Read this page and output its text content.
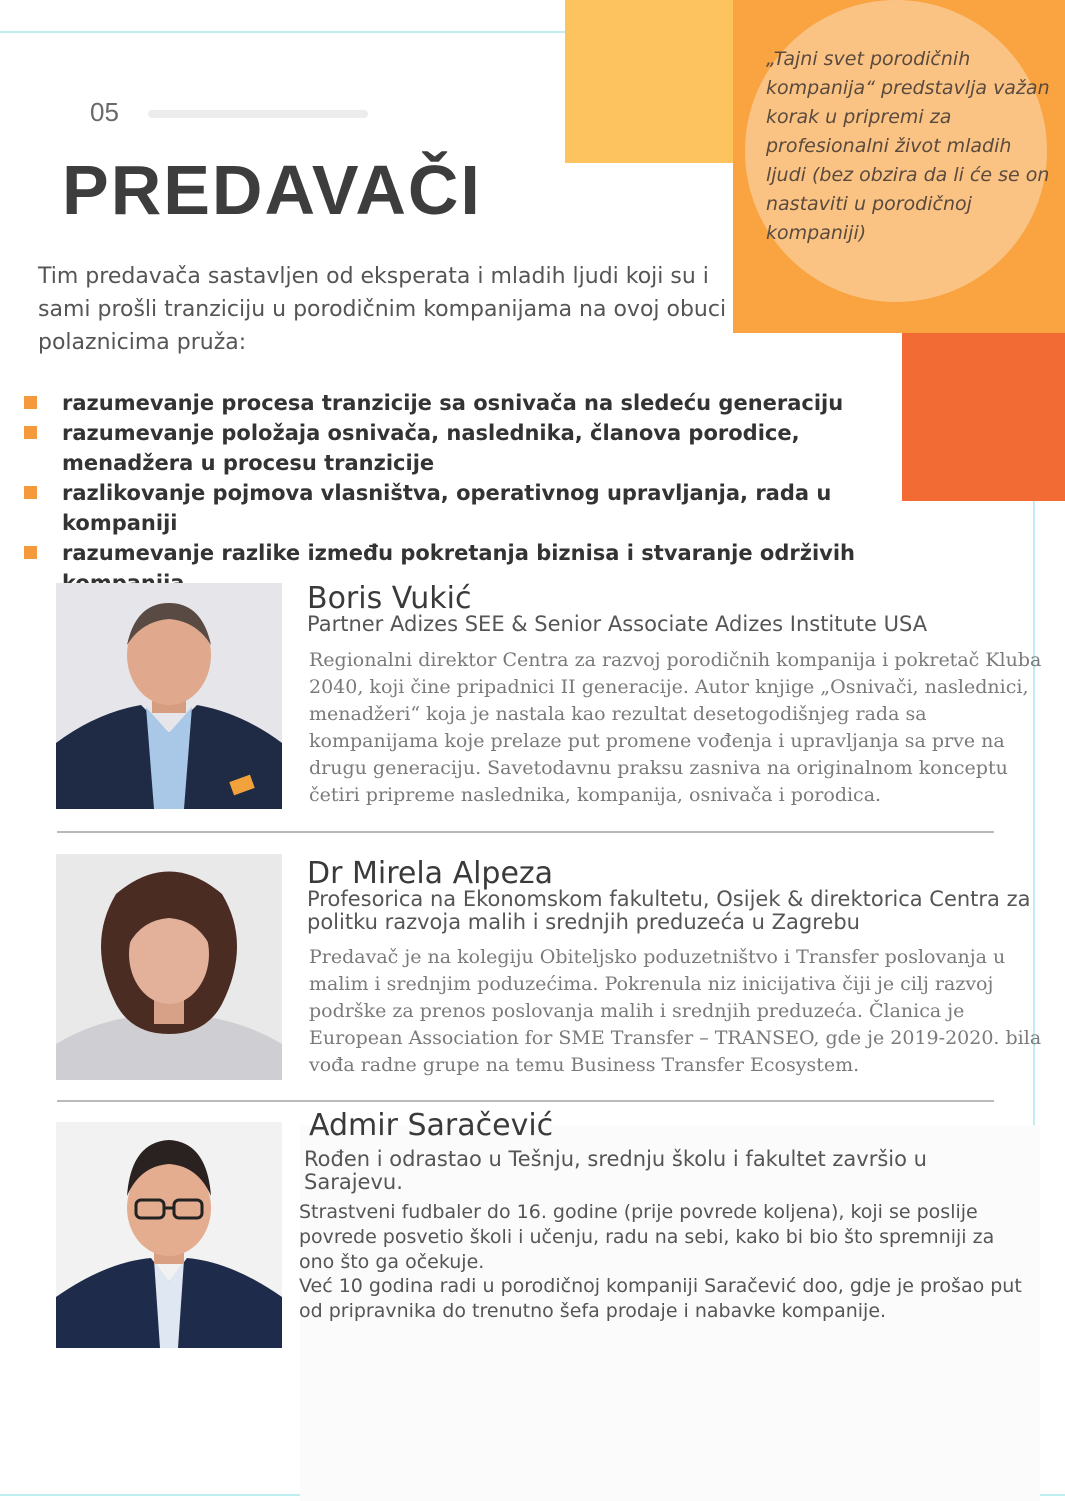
„Tajni svet porodičnih kompanija“ predstavlja važan korak u pripremi za profesionalni život mladih ljudi (bez obzira da li će se on nastaviti u porodičnoj kompaniji)

05
PREDAVAČI

Tim predavača sastavljen od eksperata i mladih ljudi koji su i sami prošli tranziciju u porodičnim kompanijama na ovoj obuci polaznicima pruža:

razumevanje procesa tranzicije sa osnivača na sledeću generaciju
razumevanje položaja osnivača, naslednika, članova porodice, menadžera u procesu tranzicije
razlikovanje pojmova vlasništva, operativnog upravljanja, rada u kompaniji
razumevanje razlike između pokretanja biznisa i stvaranje održivih
Boris Vukić

Partner Adizes SEE & Senior Associate Adizes Institute USA

Regionalni direktor Centra za razvoj porodičnih kompanija i pokretač Kluba 2040, koji čine pripadnici II generacije. Autor knjige „Osnivači, naslednici, menadžeri“ koja je nastala kao rezultat desetogodišnjeg rada sa kompanijama koje prelaze put promene vođenja i upravljanja sa prve na drugu generaciju. Savetodavnu praksu zasniva na originalnom konceptu četiri pripreme naslednika, kompanija, osnivača i porodica.

Dr Mirela Alpeza

Profesorica na Ekonomskom fakultetu, Osijek & direktorica Centra za politku razvoja malih i srednjih preduzeća u Zagrebu

Predavač je na kolegiju Obiteljsko poduzetništvo i Transfer poslovanja u malim i srednjim poduzećima. Pokrenula niz inicijativa čiji je cilj razvoj podrške za prenos poslovanja malih i srednjih preduzeća. Članica je European Association for SME Transfer – TRANSEO, gde je 2019-2020. bila vođa radne grupe na temu Business Transfer Ecosystem.

Admir Saračević

Rođen i odrastao u Tešnju, srednju školu i fakultet završio u Sarajevu.

Strastveni fudbaler do 16. godine (prije povrede koljena), koji se poslije povrede posvetio školi i učenju, radu na sebi, kako bi bio što spremniji za ono što ga očekuje.

Već 10 godina radi u porodičnoj kompaniji Saračević doo, gdje je prošao put od pripravnika do trenutno šefa prodaje i nabavke kompanije.
